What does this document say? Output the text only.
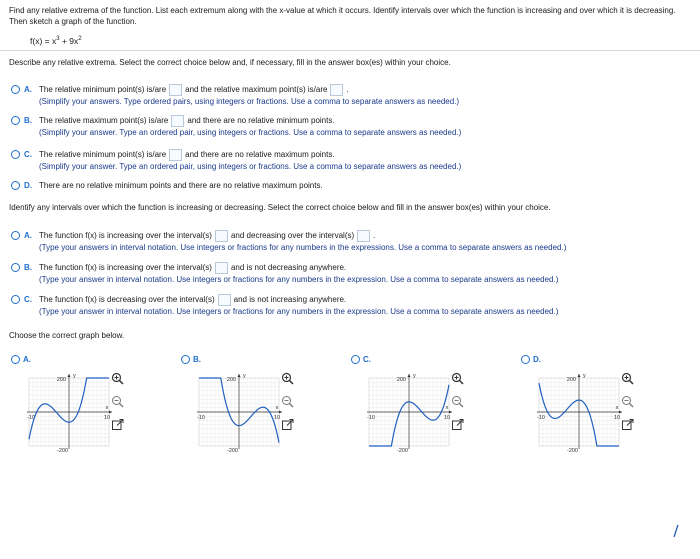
Find any relative extrema of the function. List each extremum along with the x-value at which it occurs. Identify intervals over which the function is increasing and over which it is decreasing. Then sketch a graph of the function.
$f(x) = x^3 + 9x^2$
Describe any relative extrema. Select the correct choice below and, if necessary, fill in the answer box(es) within your choice.
A. The relative minimum point(s) is/are and the relative maximum point(s) is/are .
(Simplify your answers. Type ordered pairs, using integers or fractions. Use a comma to separate answers as needed.)
B. The relative maximum point(s) is/are and there are no relative minimum points.
(Simplify your answer. Type an ordered pair, using integers or fractions. Use a comma to separate answers as needed.)
C. The relative minimum point(s) is/are and there are no relative maximum points.
(Simplify your answer. Type an ordered pair, using integers or fractions. Use a comma to separate answers as needed.)
D. There are no relative minimum points and there are no relative maximum points.
Identify any intervals over which the function is increasing or decreasing. Select the correct choice below and fill in the answer box(es) within your choice.
A. The function f(x) is increasing over the interval(s) and decreasing over the interval(s) .
(Type your answers in interval notation. Use integers or fractions for any numbers in the expressions. Use a comma to separate answers as needed.)
B. The function f(x) is increasing over the interval(s) and is not decreasing anywhere.
(Type your answer in interval notation. Use integers or fractions for any numbers in the expression. Use a comma to separate answers as needed.)
C. The function f(x) is decreasing over the interval(s) and is not increasing anywhere.
(Type your answer in interval notation. Use integers or fractions for any numbers in the expression. Use a comma to separate answers as needed.)
Choose the correct graph below.
A.	B.	C.	D.
200
-200
-10	10
x
y
200
-200
-10	10
x
y
200
-200
-10	10
x
y
200
-200
-10	10
x
y
